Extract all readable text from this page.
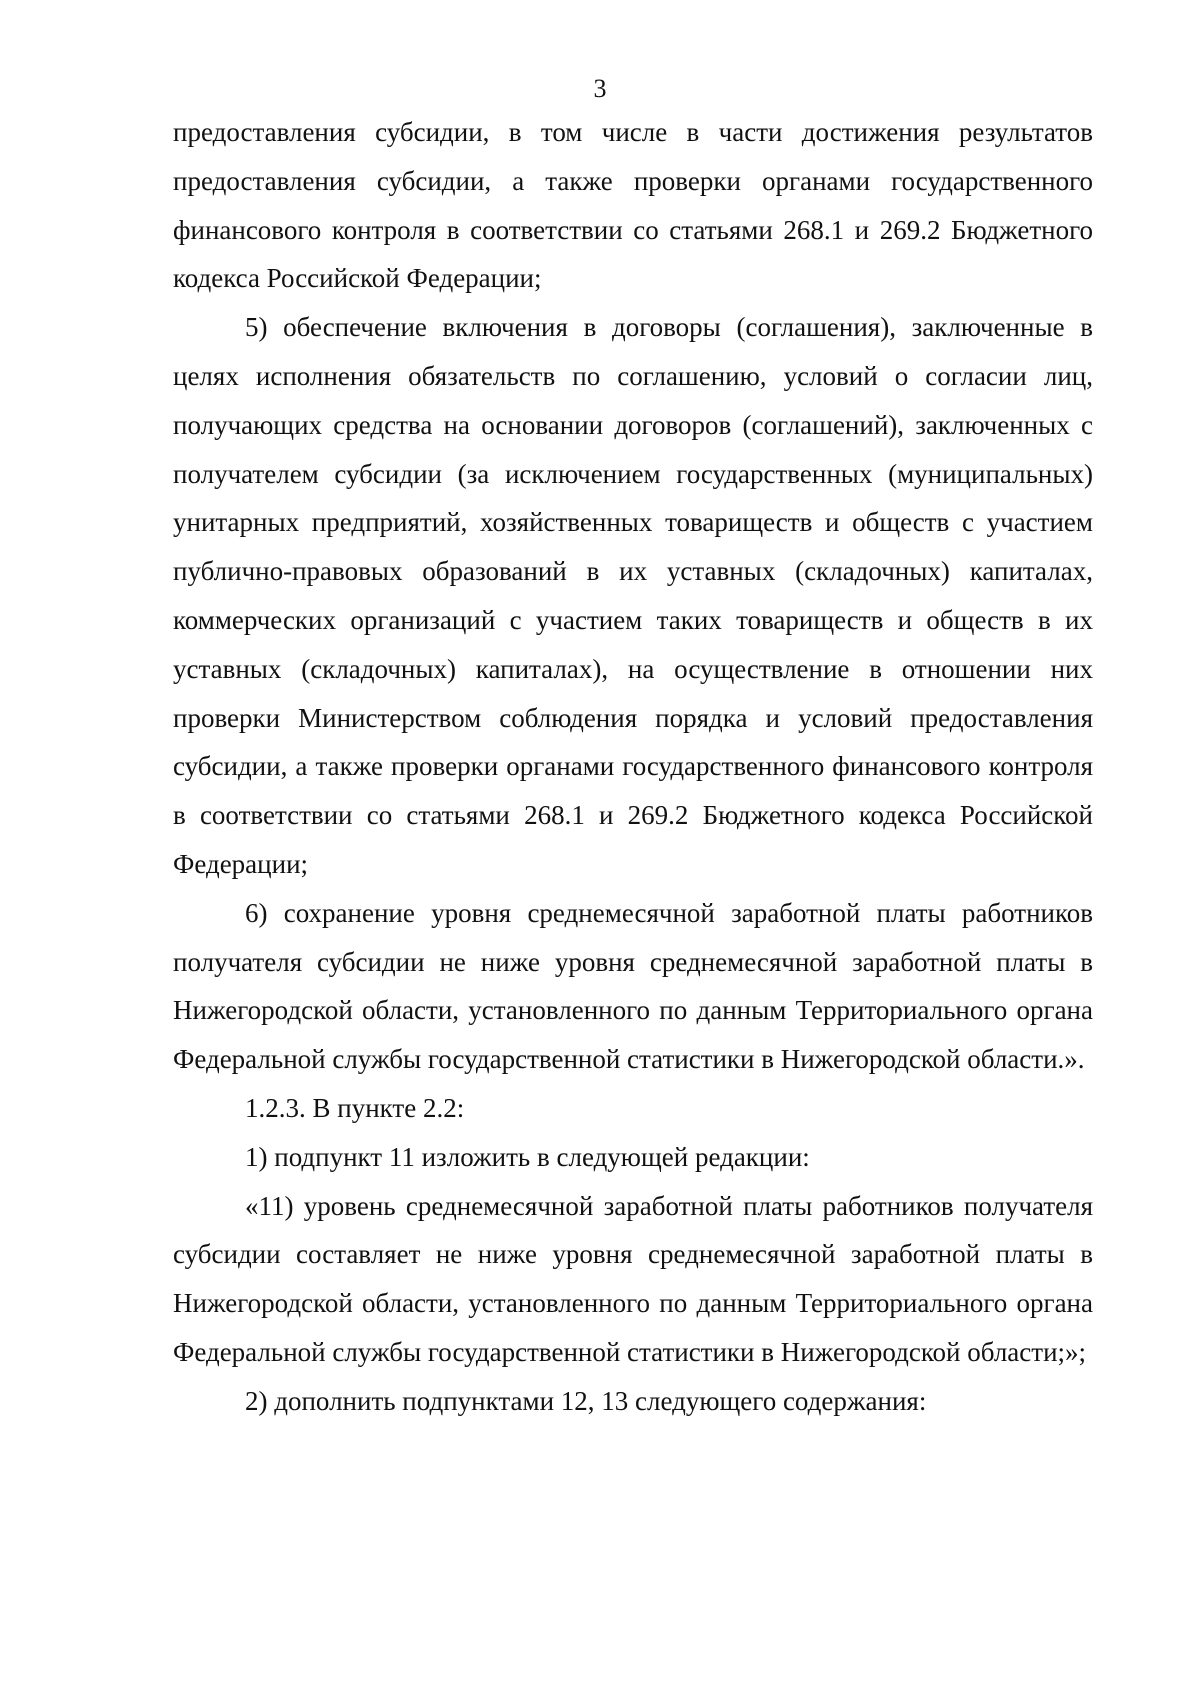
3

предоставления субсидии, в том числе в части достижения результатов предоставления субсидии, а также проверки органами государственного финансового контроля в соответствии со статьями 268.1 и 269.2 Бюджетного кодекса Российской Федерации;

5) обеспечение включения в договоры (соглашения), заключенные в целях исполнения обязательств по соглашению, условий о согласии лиц, получающих средства на основании договоров (соглашений), заключенных с получателем субсидии (за исключением государственных (муниципальных) унитарных предприятий, хозяйственных товариществ и обществ с участием публично-правовых образований в их уставных (складочных) капиталах, коммерческих организаций с участием таких товариществ и обществ в их уставных (складочных) капиталах), на осуществление в отношении них проверки Министерством соблюдения порядка и условий предоставления субсидии, а также проверки органами государственного финансового контроля в соответствии со статьями 268.1 и 269.2 Бюджетного кодекса Российской Федерации;

6) сохранение уровня среднемесячной заработной платы работников получателя субсидии не ниже уровня среднемесячной заработной платы в Нижегородской области, установленного по данным Территориального органа Федеральной службы государственной статистики в Нижегородской области.».

1.2.3. В пункте 2.2:

1) подпункт 11 изложить в следующей редакции:

«11) уровень среднемесячной заработной платы работников получателя субсидии составляет не ниже уровня среднемесячной заработной платы в Нижегородской области, установленного по данным Территориального органа Федеральной службы государственной статистики в Нижегородской области;»;

2) дополнить подпунктами 12, 13 следующего содержания:
